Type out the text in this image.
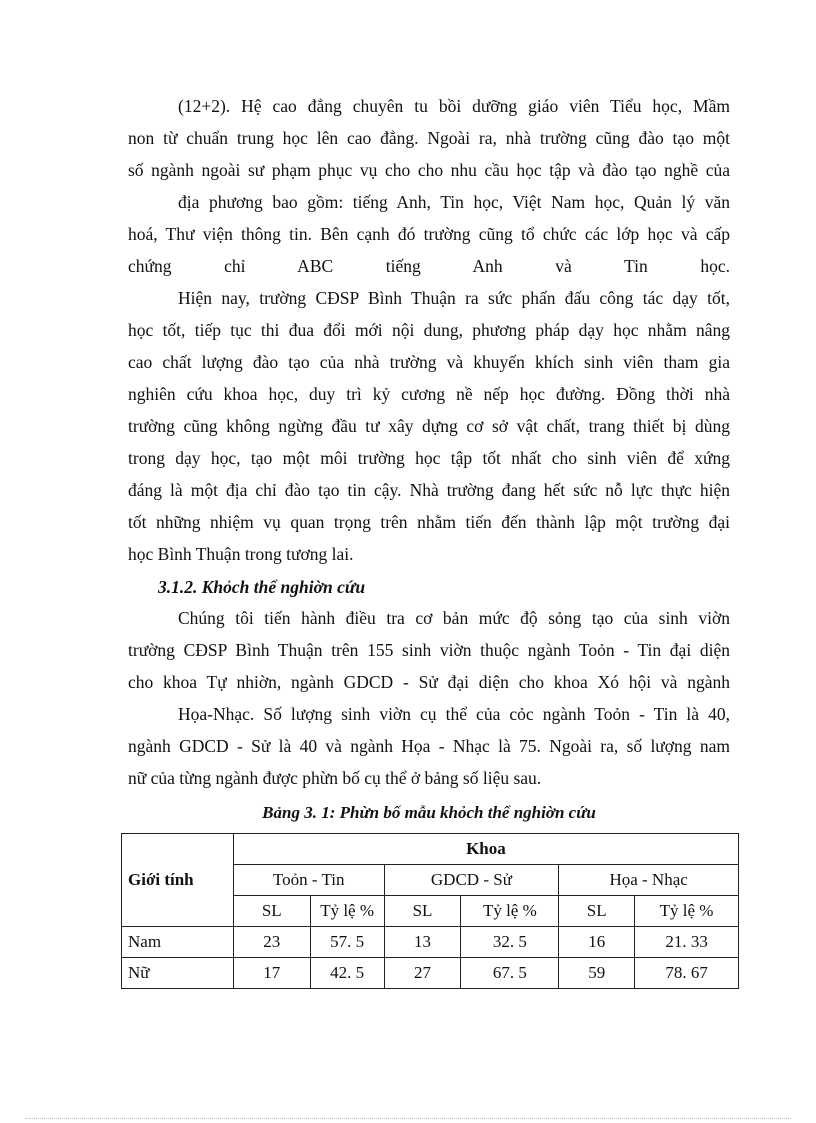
(12+2). Hệ cao đẳng chuyên tu bồi dưỡng giáo viên Tiểu học, Mầm
non từ chuẩn trung học lên cao đẳng. Ngoài ra, nhà trường cũng đào tạo một
số ngành ngoài sư phạm phục vụ cho cho nhu cầu học tập và đào tạo nghề của
địa phương bao gồm: tiếng Anh, Tin học, Việt Nam học, Quản lý văn
hoá, Thư viện thông tin. Bên cạnh đó trường cũng tổ chức các lớp học và cấp
chứng chỉ ABC tiếng Anh và Tin học.
Hiện nay, trường CĐSP Bình Thuận ra sức phấn đấu công tác dạy tốt,
học tốt, tiếp tục thi đua đổi mới nội dung, phương pháp dạy học nhằm nâng
cao chất lượng đào tạo của nhà trường và khuyến khích sinh viên tham gia
nghiên cứu khoa học, duy trì kỷ cương nề nếp học đường. Đồng thời nhà
trường cũng không ngừng đầu tư xây dựng cơ sở vật chất, trang thiết bị dùng
trong dạy học, tạo một môi trường học tập tốt nhất cho sinh viên để xứng
đáng là một địa chỉ đào tạo tin cậy. Nhà trường đang hết sức nỗ lực thực hiện
tốt những nhiệm vụ quan trọng trên nhằm tiến đến thành lập một trường đại
học Bình Thuận trong tương lai.
Chúng tôi tiến hành điều tra cơ bản mức độ sỏng tạo của sinh viờn
trường CĐSP Bình Thuận trên 155 sinh viờn thuộc ngành Toỏn - Tin đại diện
cho khoa Tự nhiờn, ngành GDCD - Sử đại diện cho khoa Xó hội và ngành
Họa-Nhạc. Số lượng sinh viờn cụ thể của cỏc ngành Toỏn - Tin là 40,
ngành GDCD - Sử là 40 và ngành Họa - Nhạc là 75. Ngoài ra, số lượng nam
nữ của từng ngành được phừn bố cụ thể ở bảng số liệu sau.
3.1.2. Khỏch thể nghiờn cứu
Bảng 3. 1: Phừn bố mẫu khỏch thể nghiờn cứu
Giới tính	Khoa					
	Toỏn - Tin		GDCD - Sử		Họa - Nhạc	
	SL	Tỷ lệ %	SL	Tỷ lệ %	SL	Tỷ lệ %
Nam	23	57. 5	13	32. 5	16	21. 33
Nữ	17	42. 5	27	67. 5	59	78. 67
